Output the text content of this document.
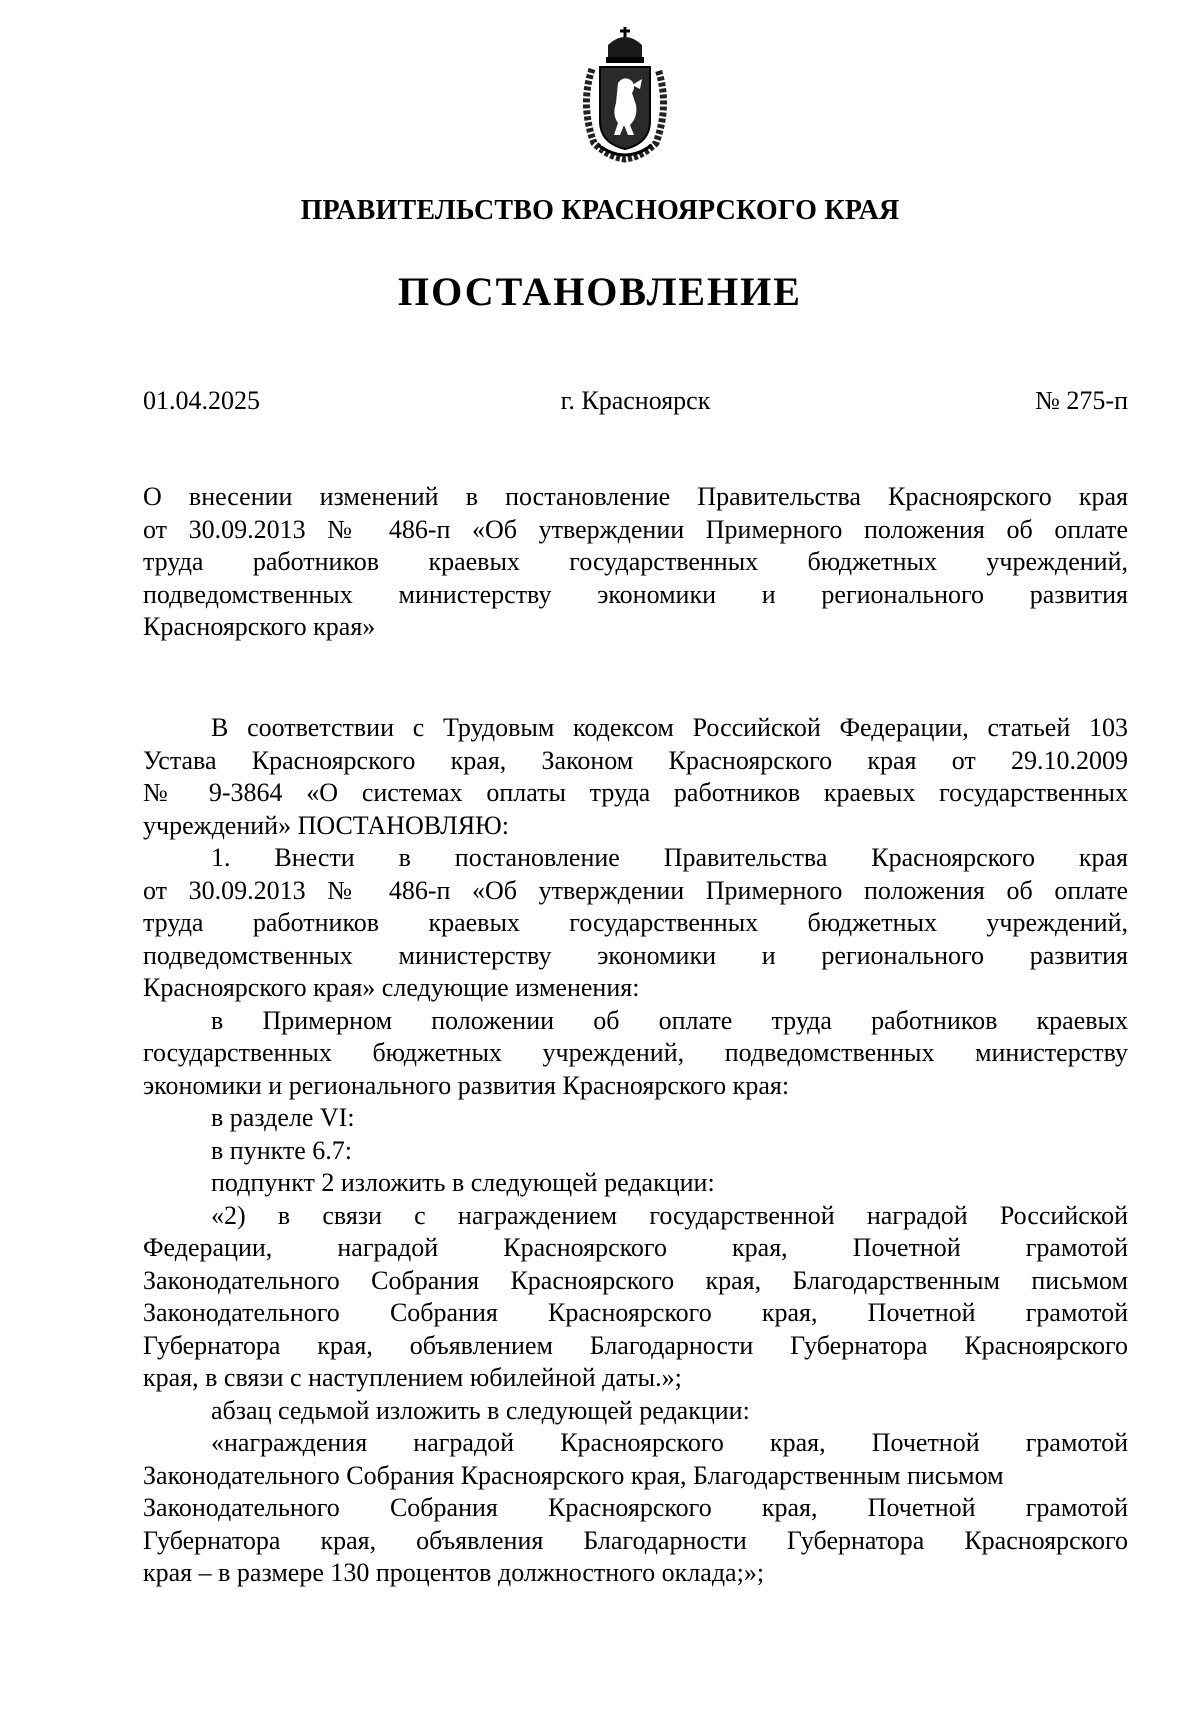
ПРАВИТЕЛЬСТВО КРАСНОЯРСКОГО КРАЯ
ПОСТАНОВЛЕНИЕ
01.04.2025	г. Красноярск	№ 275-п
О внесении изменений в постановление Правительства Красноярского края
от 30.09.2013 № 486-п «Об утверждении Примерного положения об оплате
труда работников краевых государственных бюджетных учреждений,
подведомственных министерству экономики и регионального развития
Красноярского края»
В соответствии с Трудовым кодексом Российской Федерации, статьей 103
Устава Красноярского края, Законом Красноярского края от 29.10.2009
№ 9-3864 «О системах оплаты труда работников краевых государственных
учреждений» ПОСТАНОВЛЯЮ:
1. Внести в постановление Правительства Красноярского края
от 30.09.2013 № 486-п «Об утверждении Примерного положения об оплате
труда работников краевых государственных бюджетных учреждений,
подведомственных министерству экономики и регионального развития
Красноярского края» следующие изменения:
в Примерном положении об оплате труда работников краевых
государственных бюджетных учреждений, подведомственных министерству
экономики и регионального развития Красноярского края:
в разделе VI:
в пункте 6.7:
подпункт 2 изложить в следующей редакции:
«2) в связи с награждением государственной наградой Российской
Федерации, наградой Красноярского края, Почетной грамотой
Законодательного Собрания Красноярского края, Благодарственным письмом
Законодательного Собрания Красноярского края, Почетной грамотой
Губернатора края, объявлением Благодарности Губернатора Красноярского
края, в связи с наступлением юбилейной даты.»;
абзац седьмой изложить в следующей редакции:
«награждения наградой Красноярского края, Почетной грамотой
Законодательного Собрания Красноярского края, Благодарственным письмом
Законодательного Собрания Красноярского края, Почетной грамотой
Губернатора края, объявления Благодарности Губернатора Красноярского
края – в размере 130 процентов должностного оклада;»;
